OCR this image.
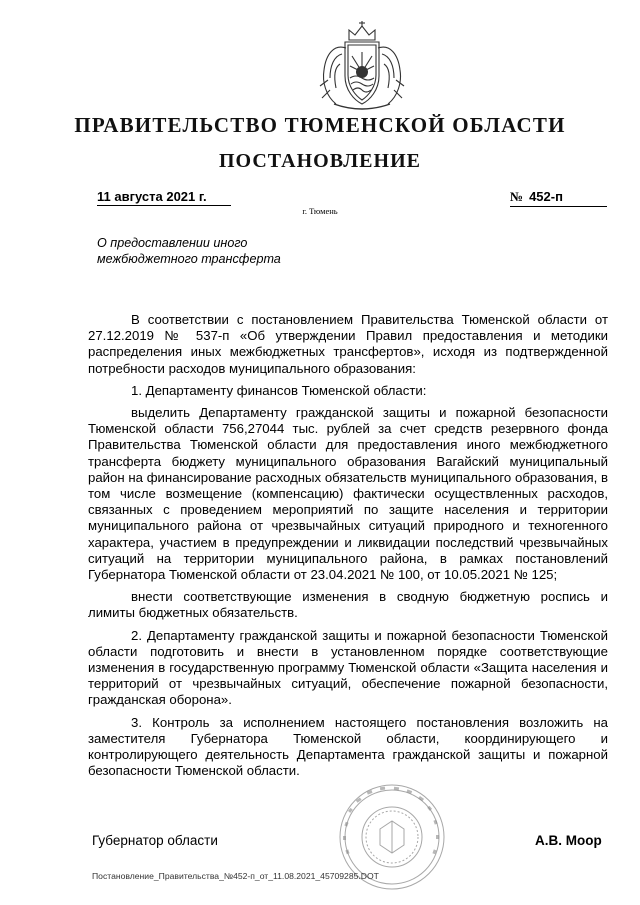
ПРАВИТЕЛЬСТВО ТЮМЕНСКОЙ ОБЛАСТИ
ПОСТАНОВЛЕНИЕ
11 августа 2021 г.	№ 452-п
г. Тюмень
О предоставлении иного
межбюджетного трансферта

В соответствии с постановлением Правительства Тюменской области от 27.12.2019 № 537-п «Об утверждении Правил предоставления и методики распределения иных межбюджетных трансфертов», исходя из подтвержденной потребности расходов муниципального образования:

1. Департаменту финансов Тюменской области:

выделить Департаменту гражданской защиты и пожарной безопасности Тюменской области 756,27044 тыс. рублей за счет средств резервного фонда Правительства Тюменской области для предоставления иного межбюджетного трансферта бюджету муниципального образования Вагайский муниципальный район на финансирование расходных обязательств муниципального образования, в том числе возмещение (компенсацию) фактически осуществленных расходов, связанных с проведением мероприятий по защите населения и территории муниципального района от чрезвычайных ситуаций природного и техногенного характера, участием в предупреждении и ликвидации последствий чрезвычайных ситуаций на территории муниципального района, в рамках постановлений Губернатора Тюменской области от 23.04.2021 № 100, от 10.05.2021 № 125;

внести соответствующие изменения в сводную бюджетную роспись и лимиты бюджетных обязательств.

2. Департаменту гражданской защиты и пожарной безопасности Тюменской области подготовить и внести в установленном порядке соответствующие изменения в государственную программу Тюменской области «Защита населения и территорий от чрезвычайных ситуаций, обеспечение пожарной безопасности, гражданская оборона».

3. Контроль за исполнением настоящего постановления возложить на заместителя Губернатора Тюменской области, координирующего и контролирующего деятельность Департамента гражданской защиты и пожарной безопасности Тюменской области.

Губернатор области	А.В. Моор
Постановление_Правительства_№452-п_от_11.08.2021_45709285.DOT
